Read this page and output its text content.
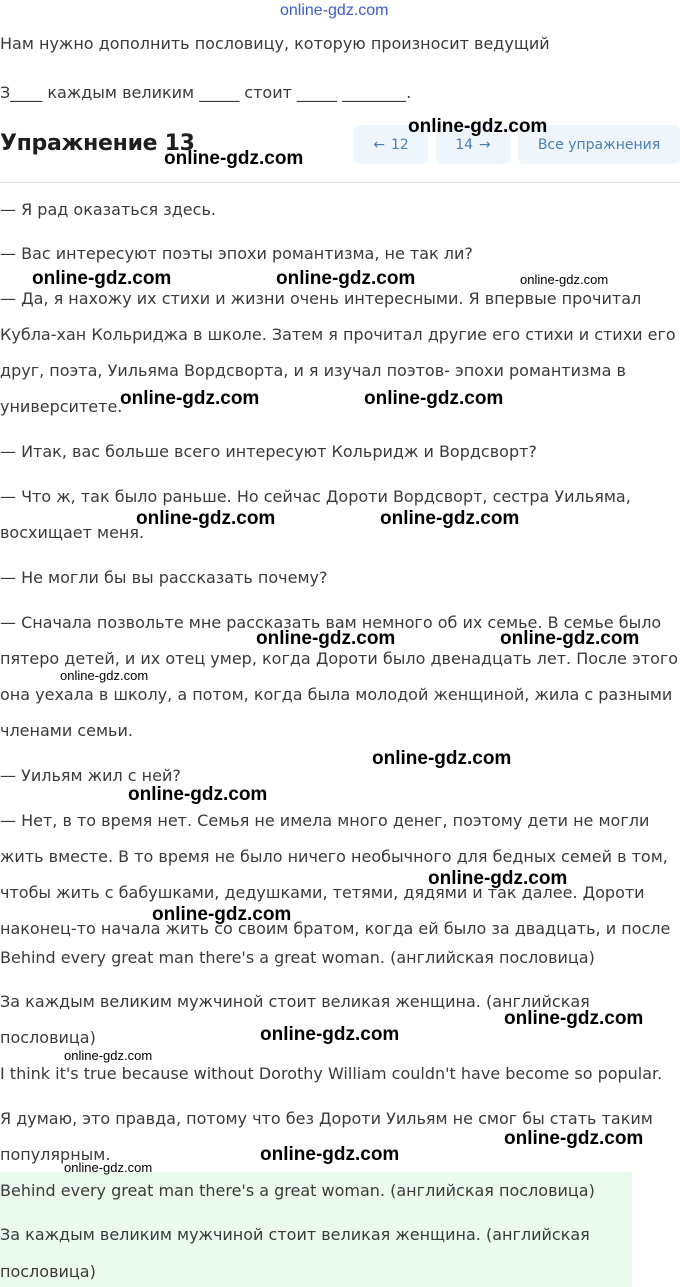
online-gdz.com
Нам нужно дополнить пословицу, которую произносит ведущий
З____ каждым великим _____ стоит _____ ________.
Упражнение 13	← 12	14 →	Все упражнения
— Я рад оказаться здесь.
— Вас интересуют поэты эпохи романтизма, не так ли?
— Да, я нахожу их стихи и жизни очень интересными. Я впервые прочитал
Кубла-хан Кольриджа в школе. Затем я прочитал другие его стихи и стихи его
друг, поэта, Уильяма Вордсворта, и я изучал поэтов- эпохи романтизма в
университете.
— Итак, вас больше всего интересуют Кольридж и Вордсворт?
— Что ж, так было раньше. Но сейчас Дороти Вордсворт, сестра Уильяма,
восхищает меня.
— Не могли бы вы рассказать почему?
— Сначала позвольте мне рассказать вам немного об их семье. В семье было
пятеро детей, и их отец умер, когда Дороти было двенадцать лет. После этого
она уехала в школу, а потом, когда была молодой женщиной, жила с разными
членами семьи.
— Уильям жил с ней?
— Нет, в то время нет. Семья не имела много денег, поэтому дети не могли
жить вместе. В то время не было ничего необычного для бедных семей в том,
чтобы жить с бабушками, дедушками, тетями, дядями и так далее. Дороти
наконец-то начала жить со своим братом, когда ей было за двадцать, и после
Behind every great man there's a great woman. (английская пословица)
За каждым великим мужчиной стоит великая женщина. (английская
пословица)
I think it's true because without Dorothy William couldn't have become so popular.
Я думаю, это правда, потому что без Дороти Уильям не смог бы стать таким
популярным.
Behind every great man there's a great woman. (английская пословица)
За каждым великим мужчиной стоит великая женщина. (английская
пословица)
online-gdz.com
online-gdz.com
online-gdz.com	online-gdz.com	online-gdz.com
online-gdz.com	online-gdz.com
online-gdz.com	online-gdz.com
online-gdz.com	online-gdz.com
online-gdz.com
online-gdz.com
online-gdz.com
online-gdz.com
online-gdz.com
online-gdz.com
online-gdz.com
online-gdz.com
online-gdz.com
online-gdz.com
online-gdz.com
